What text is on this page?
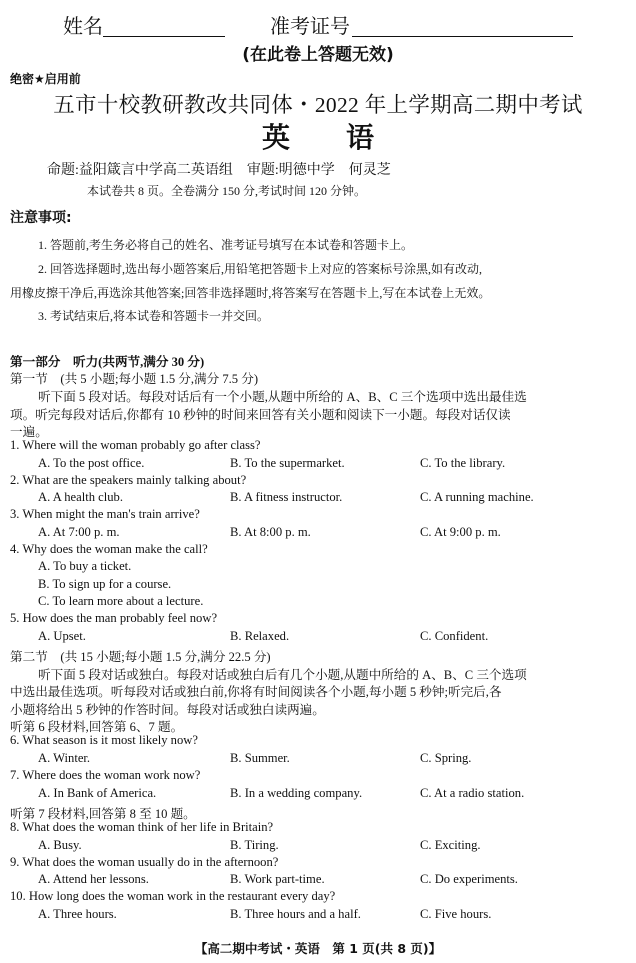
姓名	准考证号
(在此卷上答题无效)
绝密★启用前
五市十校教研教改共同体・2022 年上学期高二期中考试
英　　语
命题:益阳箴言中学高二英语组　审题:明德中学　何灵芝
本试卷共 8 页。全卷满分 150 分,考试时间 120 分钟。
注意事项:
1. 答题前,考生务必将自己的姓名、准考证号填写在本试卷和答题卡上。
2. 回答选择题时,选出每小题答案后,用铅笔把答题卡上对应的答案标号涂黑,如有改动,
用橡皮擦干净后,再选涂其他答案;回答非选择题时,将答案写在答题卡上,写在本试卷上无效。
3. 考试结束后,将本试卷和答题卡一并交回。
第一部分　听力(共两节,满分 30 分)
第一节　(共 5 小题;每小题 1.5 分,满分 7.5 分)
听下面 5 段对话。每段对话后有一个小题,从题中所给的 A、B、C 三个选项中选出最佳选
项。听完每段对话后,你都有 10 秒钟的时间来回答有关小题和阅读下一小题。每段对话仅读
一遍。
1. Where will the woman probably go after class?
A. To the post office.	B. To the supermarket.	C. To the library.
2. What are the speakers mainly talking about?
A. A health club.	B. A fitness instructor.	C. A running machine.
3. When might the man's train arrive?
A. At 7:00 p. m.	B. At 8:00 p. m.	C. At 9:00 p. m.
4. Why does the woman make the call?
A. To buy a ticket.
B. To sign up for a course.
C. To learn more about a lecture.
5. How does the man probably feel now?
A. Upset.	B. Relaxed.	C. Confident.
第二节　(共 15 小题;每小题 1.5 分,满分 22.5 分)
听下面 5 段对话或独白。每段对话或独白后有几个小题,从题中所给的 A、B、C 三个选项
中选出最佳选项。听每段对话或独白前,你将有时间阅读各个小题,每小题 5 秒钟;听完后,各
小题将给出 5 秒钟的作答时间。每段对话或独白读两遍。
听第 6 段材料,回答第 6、7 题。
6. What season is it most likely now?
A. Winter.	B. Summer.	C. Spring.
7. Where does the woman work now?
A. In Bank of America.	B. In a wedding company.	C. At a radio station.
听第 7 段材料,回答第 8 至 10 题。
8. What does the woman think of her life in Britain?
A. Busy.	B. Tiring.	C. Exciting.
9. What does the woman usually do in the afternoon?
A. Attend her lessons.	B. Work part-time.	C. Do experiments.
10. How long does the woman work in the restaurant every day?
A. Three hours.	B. Three hours and a half.	C. Five hours.
【高二期中考试・英语　第 1 页(共 8 页)】
